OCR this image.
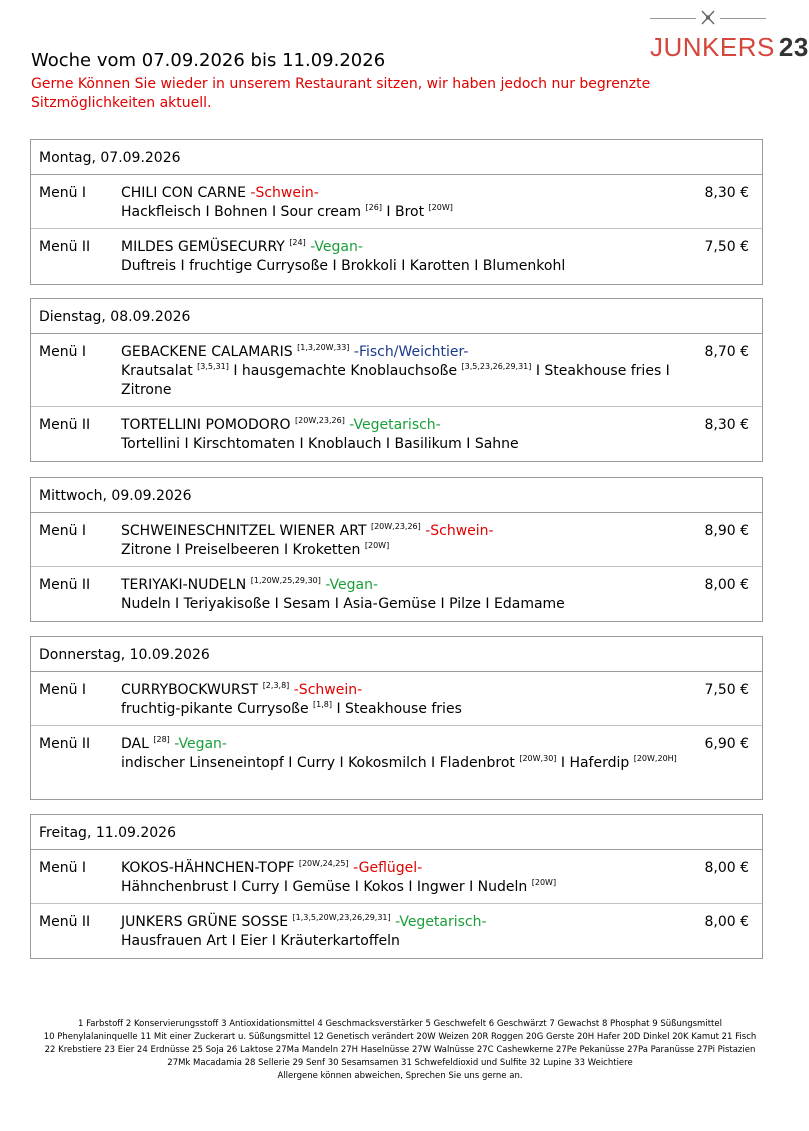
JUNKERS 23
Woche vom 07.09.2026 bis 11.09.2026
Gerne Können Sie wieder in unserem Restaurant sitzen, wir haben jedoch nur begrenzte Sitzmöglichkeiten aktuell.
Montag, 07.09.2026
Menü I CHILI CON CARNE -Schwein-
Hackfleisch I Bohnen I Sour cream [26] I Brot [20W]
8,30 €
Menü II MILDES GEMÜSECURRY [24] -Vegan-
Duftreis I fruchtige Currysoße I Brokkoli I Karotten I Blumenkohl
7,50 €
Dienstag, 08.09.2026
Menü I GEBACKENE CALAMARIS [1,3,20W,33] -Fisch/Weichtier-
Krautsalat [3,5,31] I hausgemachte Knoblauchsoße [3,5,23,26,29,31] I Steakhouse fries I Zitrone
8,70 €
Menü II TORTELLINI POMODORO [20W,23,26] -Vegetarisch-
Tortellini I Kirschtomaten I Knoblauch I Basilikum I Sahne
8,30 €
Mittwoch, 09.09.2026
Menü I SCHWEINESCHNITZEL WIENER ART [20W,23,26] -Schwein-
Zitrone I Preiselbeeren I Kroketten [20W]
8,90 €
Menü II TERIYAKI-NUDELN [1,20W,25,29,30] -Vegan-
Nudeln I Teriyakisoße I Sesam I Asia-Gemüse I Pilze I Edamame
8,00 €
Donnerstag, 10.09.2026
Menü I CURRYBOCKWURST [2,3,8] -Schwein-
fruchtig-pikante Currysoße [1,8] I Steakhouse fries
7,50 €
Menü II DAL [28] -Vegan-
indischer Linseneintopf I Curry I Kokosmilch I Fladenbrot [20W,30] I Haferdip [20W,20H]
6,90 €
Freitag, 11.09.2026
Menü I KOKOS-HÄHNCHEN-TOPF [20W,24,25] -Geflügel-
Hähnchenbrust I Curry I Gemüse I Kokos I Ingwer I Nudeln [20W]
8,00 €
Menü II JUNKERS GRÜNE SOSSE [1,3,5,20W,23,26,29,31] -Vegetarisch-
Hausfrauen Art I Eier I Kräuterkartoffeln
8,00 €
1 Farbstoff 2 Konservierungsstoff 3 Antioxidationsmittel 4 Geschmacksverstärker 5 Geschwefelt 6 Geschwärzt 7 Gewachst 8 Phosphat 9 Süßungsmittel
10 Phenylalaninquelle 11 Mit einer Zuckerart u. Süßungsmittel 12 Genetisch verändert 20W Weizen 20R Roggen 20G Gerste 20H Hafer 20D Dinkel 20K Kamut 21 Fisch
22 Krebstiere 23 Eier 24 Erdnüsse 25 Soja 26 Laktose 27Ma Mandeln 27H Haselnüsse 27W Walnüsse 27C Cashewkerne 27Pe Pekanüsse 27Pa Paranüsse 27Pi Pistazien
27Mk Macadamia 28 Sellerie 29 Senf 30 Sesamsamen 31 Schwefeldioxid und Sulfite 32 Lupine 33 Weichtiere
Allergene können abweichen, Sprechen Sie uns gerne an.
